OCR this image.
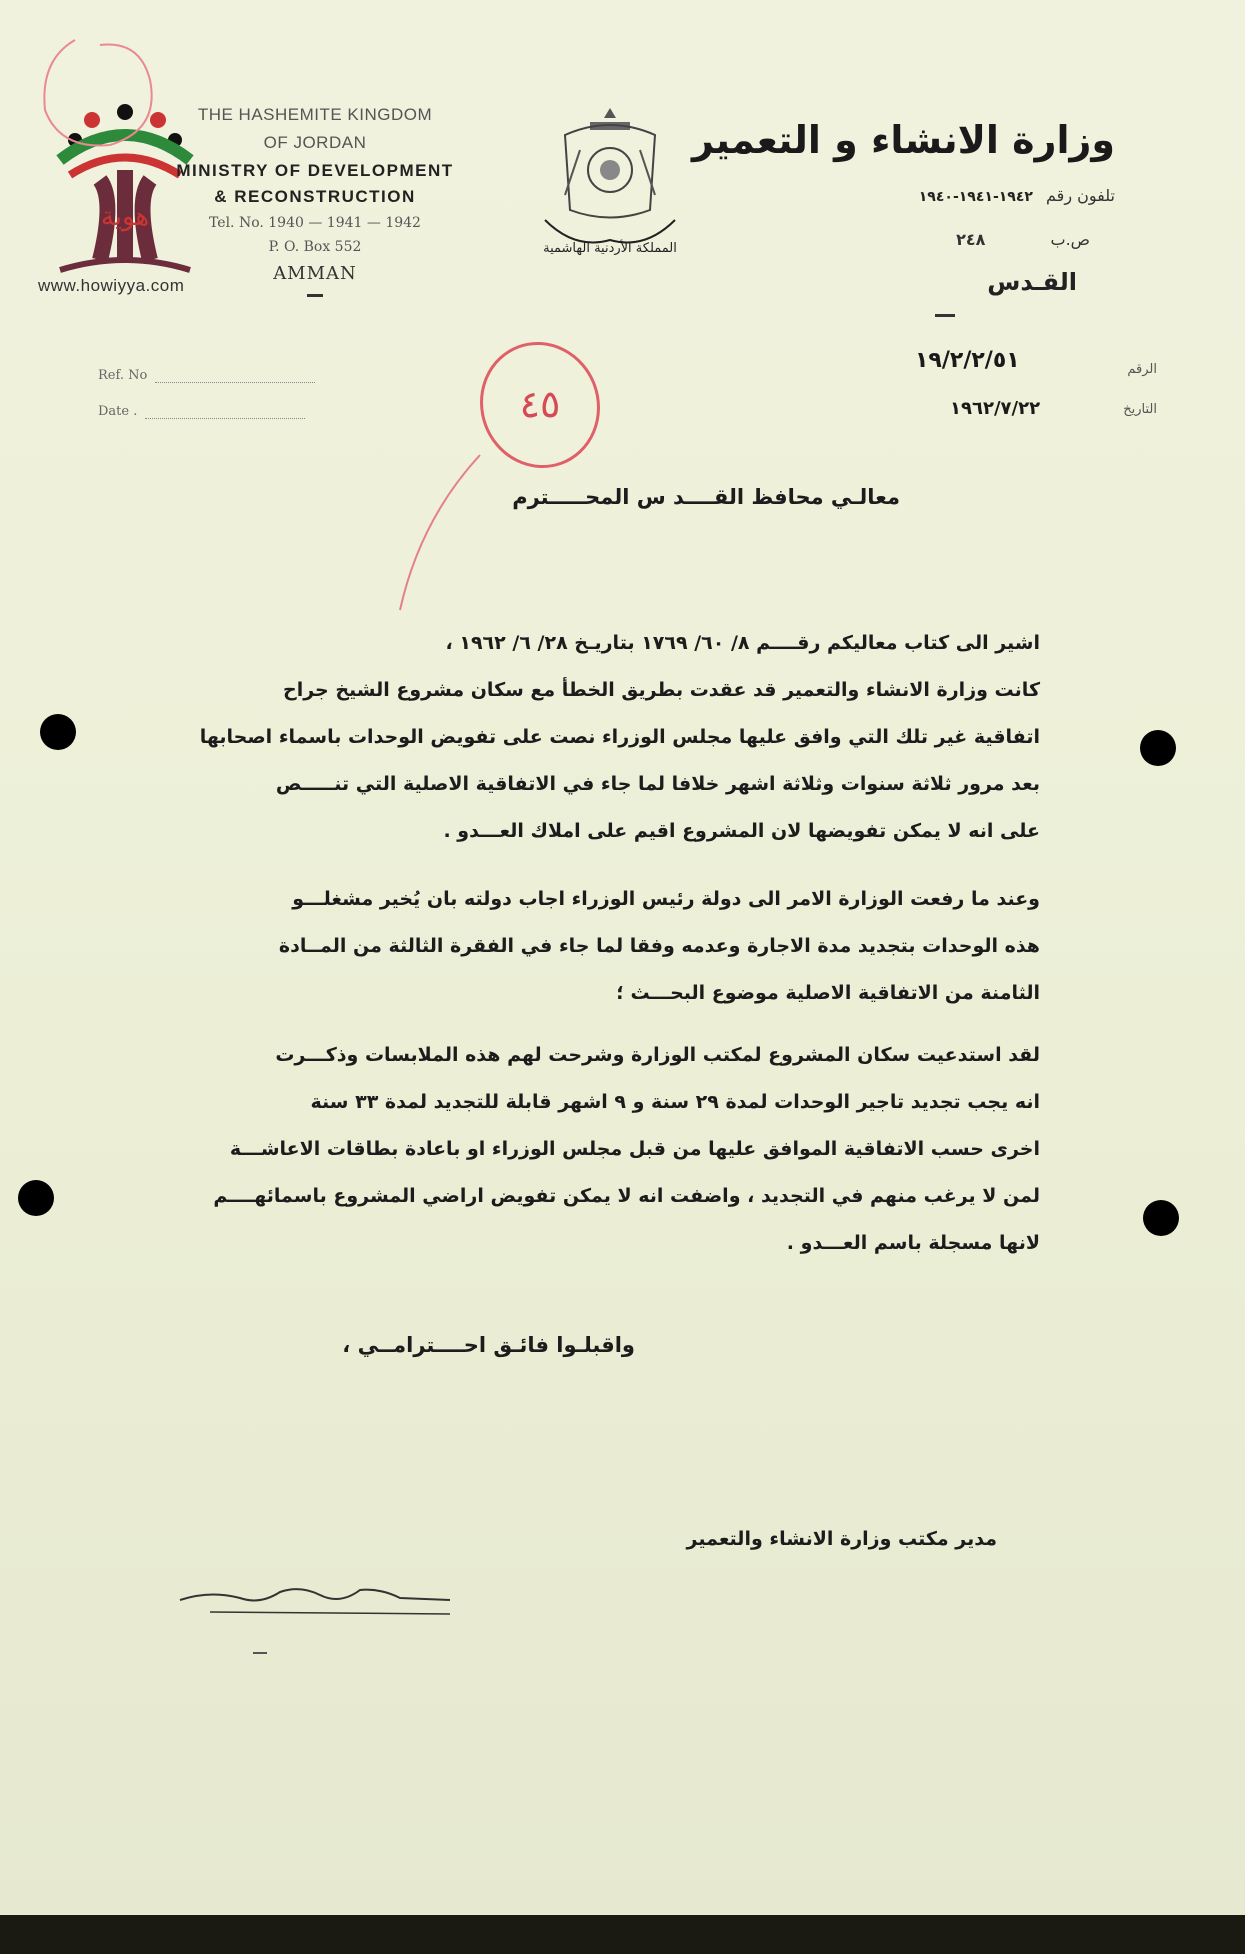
هوية
www.howiyya.com
THE HASHEMITE KINGDOM
OF JORDAN
MINISTRY OF DEVELOPMENT
& RECONSTRUCTION
Tel. No. 1940 — 1941 — 1942
P. O. Box 552
AMMAN
Ref. No
Date .
المملكة الأردنية الهاشمية
وزارة الانشاء و التعمير
تلفون رقم ١٩٤٢-١٩٤١-١٩٤٠
ص.ب ٢٤٨
القـدس
الرقم
١٩/٢/٢/٥١
التاريخ
١٩٦٢/٧/٢٢
٤٥
معالـي محافظ القــــد س المحـــــترم
اشير الى كتاب معاليكم رقــــم ٨/ ٦٠/ ١٧٦٩ بتاريـخ ٢٨/ ٦/ ١٩٦٢ ،
كانت وزارة الانشاء والتعمير قد عقدت بطريق الخطأ مع سكان مشروع الشيخ جراح
اتفاقية غير تلك التي وافق عليها مجلس الوزراء نصت على تفويض الوحدات باسماء اصحابها
بعد مرور ثلاثة سنوات وثلاثة اشهر خلافا لما جاء في الاتفاقية الاصلية التي تنـــــص
على انه لا يمكن تفويضها لان المشروع اقيم على املاك العـــدو .
وعند ما رفعت الوزارة الامر الى دولة رئيس الوزراء اجاب دولته بان يُخير مشغلـــو
هذه الوحدات بتجديد مدة الاجارة وعدمه وفقا لما جاء في الفقرة الثالثة من المــادة
الثامنة من الاتفاقية الاصلية موضوع البحـــث ؛
لقد استدعيت سكان المشروع لمكتب الوزارة وشرحت لهم هذه الملابسات وذكـــرت
انه يجب تجديد تاجير الوحدات لمدة ٢٩ سنة و ٩ اشهر قابلة للتجديد لمدة ٣٣ سنة
اخرى حسب الاتفاقية الموافق عليها من قبل مجلس الوزراء او باعادة بطاقات الاعاشـــة
لمن لا يرغب منهم في التجديد ، واضفت انه لا يمكن تفويض اراضي المشروع باسمائهــــم
لانها مسجلة باسم العـــدو .
واقبلـوا فائـق احــــترامــي ،
مدير مكتب وزارة الانشاء والتعمير
